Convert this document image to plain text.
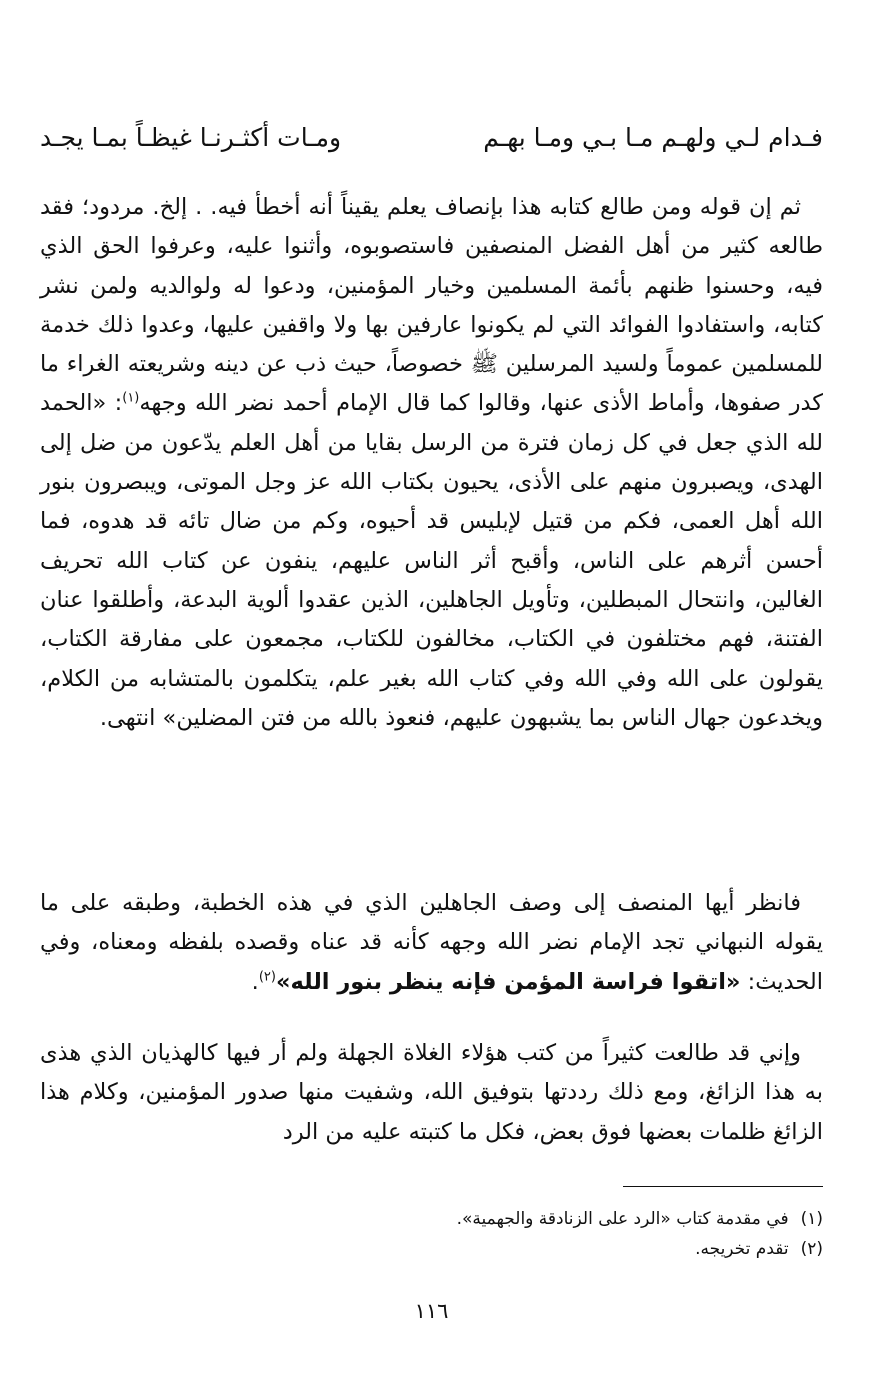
فـدام لـي ولهـم مـا بـي ومـا بهـم
ومـات أكثـرنـا غيظـاً بمـا يجـد

ثم إن قوله ومن طالع كتابه هذا بإنصاف يعلم يقيناً أنه أخطأ فيه. . إلخ. مردود؛ فقد طالعه كثير من أهل الفضل المنصفين فاستصوبوه، وأثنوا عليه، وعرفوا الحق الذي فيه، وحسنوا ظنهم بأئمة المسلمين وخيار المؤمنين، ودعوا له ولوالديه ولمن نشر كتابه، واستفادوا الفوائد التي لم يكونوا عارفين بها ولا واقفين عليها، وعدوا ذلك خدمة للمسلمين عموماً ولسيد المرسلين ﷺ خصوصاً، حيث ذب عن دينه وشريعته الغراء ما كدر صفوها، وأماط الأذى عنها، وقالوا كما قال الإمام أحمد نضر الله وجهه$^{(١)}$: «الحمد لله الذي جعل في كل زمان فترة من الرسل بقايا من أهل العلم يدّعون من ضل إلى الهدى، ويصبرون منهم على الأذى، يحيون بكتاب الله عز وجل الموتى، ويبصرون بنور الله أهل العمى، فكم من قتيل لإبليس قد أحيوه، وكم من ضال تائه قد هدوه، فما أحسن أثرهم على الناس، وأقبح أثر الناس عليهم، ينفون عن كتاب الله تحريف الغالين، وانتحال المبطلين، وتأويل الجاهلين، الذين عقدوا ألوية البدعة، وأطلقوا عنان الفتنة، فهم مختلفون في الكتاب، مخالفون للكتاب، مجمعون على مفارقة الكتاب، يقولون على الله وفي الله وفي كتاب الله بغير علم، يتكلمون بالمتشابه من الكلام، ويخدعون جهال الناس بما يشبهون عليهم، فنعوذ بالله من فتن المضلين» انتهى.

فانظر أيها المنصف إلى وصف الجاهلين الذي في هذه الخطبة، وطبقه على ما يقوله النبهاني تجد الإمام نضر الله وجهه كأنه قد عناه وقصده بلفظه ومعناه، وفي الحديث: «اتقوا فراسة المؤمن فإنه ينظر بنور الله»$^{(٢)}$.

وإني قد طالعت كثيراً من كتب هؤلاء الغلاة الجهلة ولم أر فيها كالهذيان الذي هذى به هذا الزائغ، ومع ذلك رددتها بتوفيق الله، وشفيت منها صدور المؤمنين، وكلام هذا الزائغ ظلمات بعضها فوق بعض، فكل ما كتبته عليه من الرد

(١)في مقدمة كتاب «الرد على الزنادقة والجهمية».
(٢)تقدم تخريجه.
١١٦
